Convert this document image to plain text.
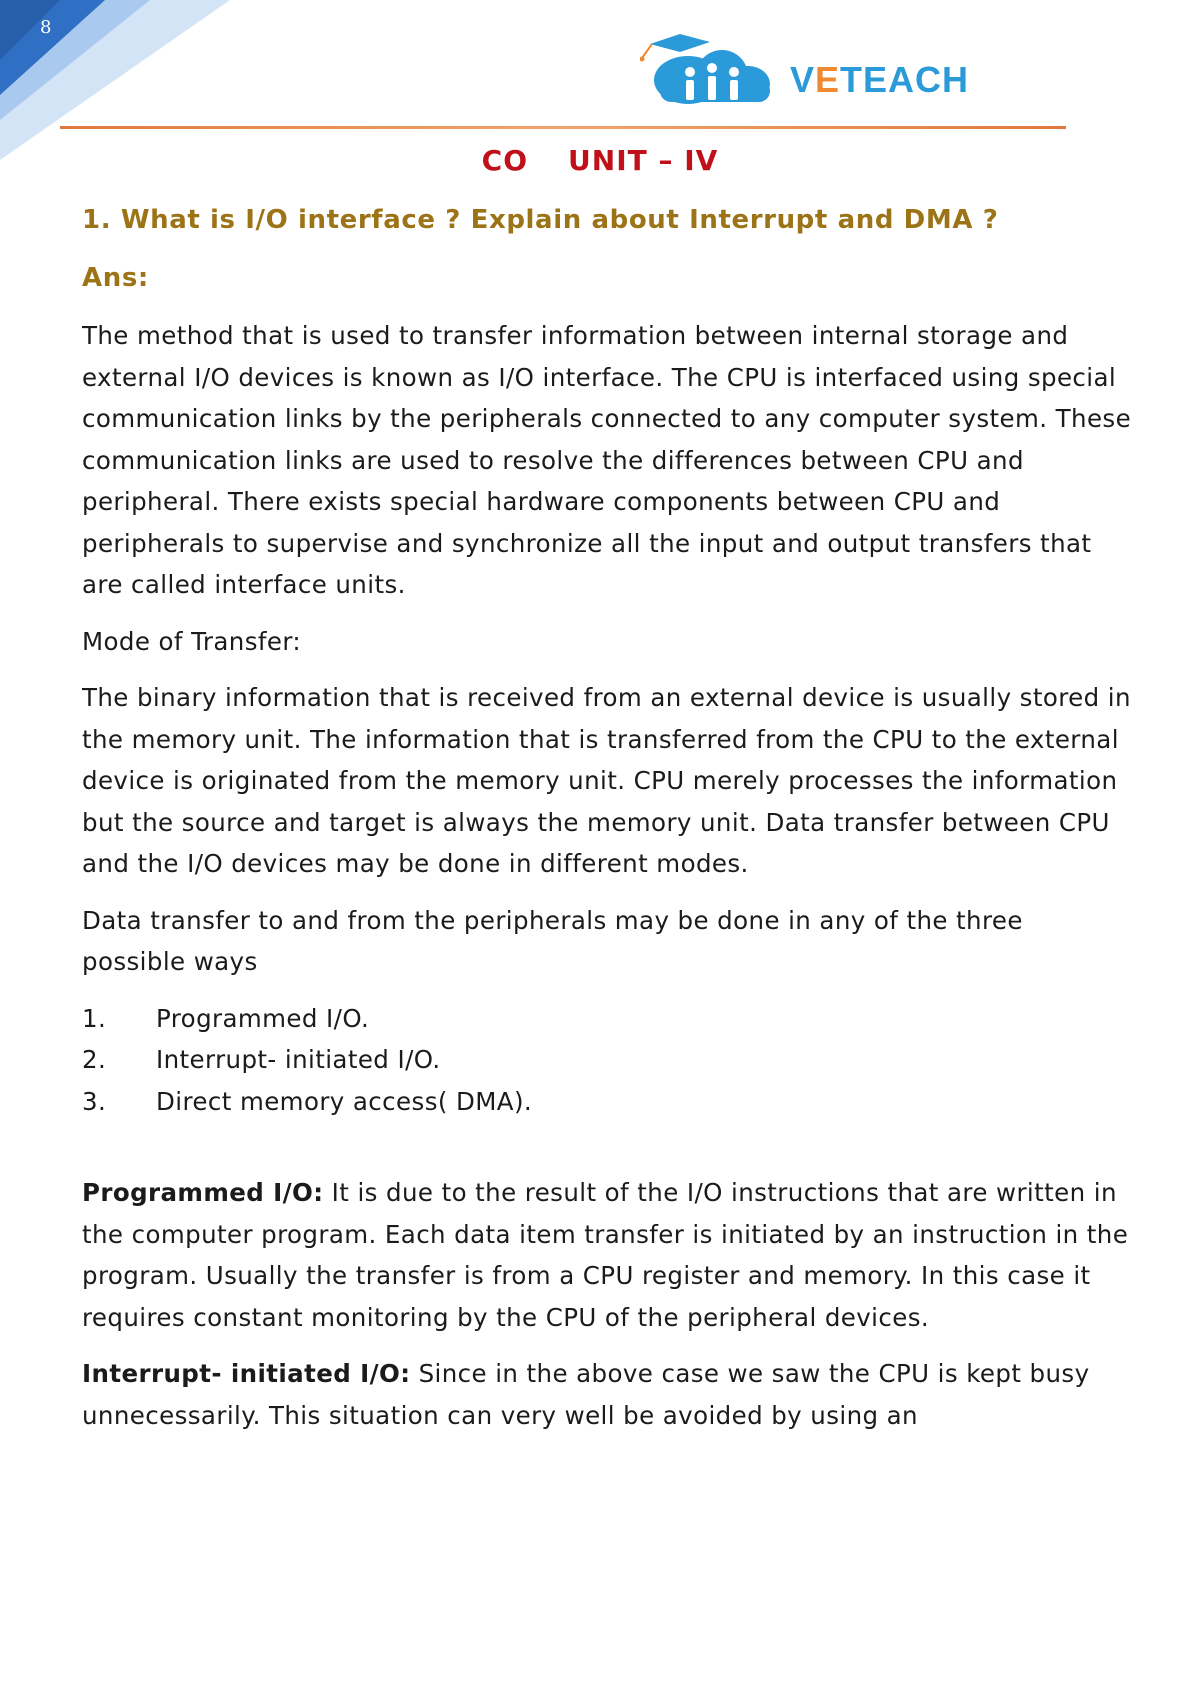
8
VETEACH
CO UNIT – IV
1. What is I/O interface ? Explain about Interrupt and DMA ?
Ans:

The method that is used to transfer information between internal storage and external I/O devices is known as I/O interface. The CPU is interfaced using special communication links by the peripherals connected to any computer system. These communication links are used to resolve the differences between CPU and peripheral. There exists special hardware components between CPU and peripherals to supervise and synchronize all the input and output transfers that are called interface units.

Mode of Transfer:

The binary information that is received from an external device is usually stored in the memory unit. The information that is transferred from the CPU to the external device is originated from the memory unit. CPU merely processes the information but the source and target is always the memory unit. Data transfer between CPU and the I/O devices may be done in different modes.

Data transfer to and from the peripherals may be done in any of the three possible ways

1.	Programmed I/O.
2.	Interrupt- initiated I/O.
3.	Direct memory access( DMA).

Programmed I/O: It is due to the result of the I/O instructions that are written in the computer program. Each data item transfer is initiated by an instruction in the program. Usually the transfer is from a CPU register and memory. In this case it requires constant monitoring by the CPU of the peripheral devices.

Interrupt- initiated I/O: Since in the above case we saw the CPU is kept busy unnecessarily. This situation can very well be avoided by using an
